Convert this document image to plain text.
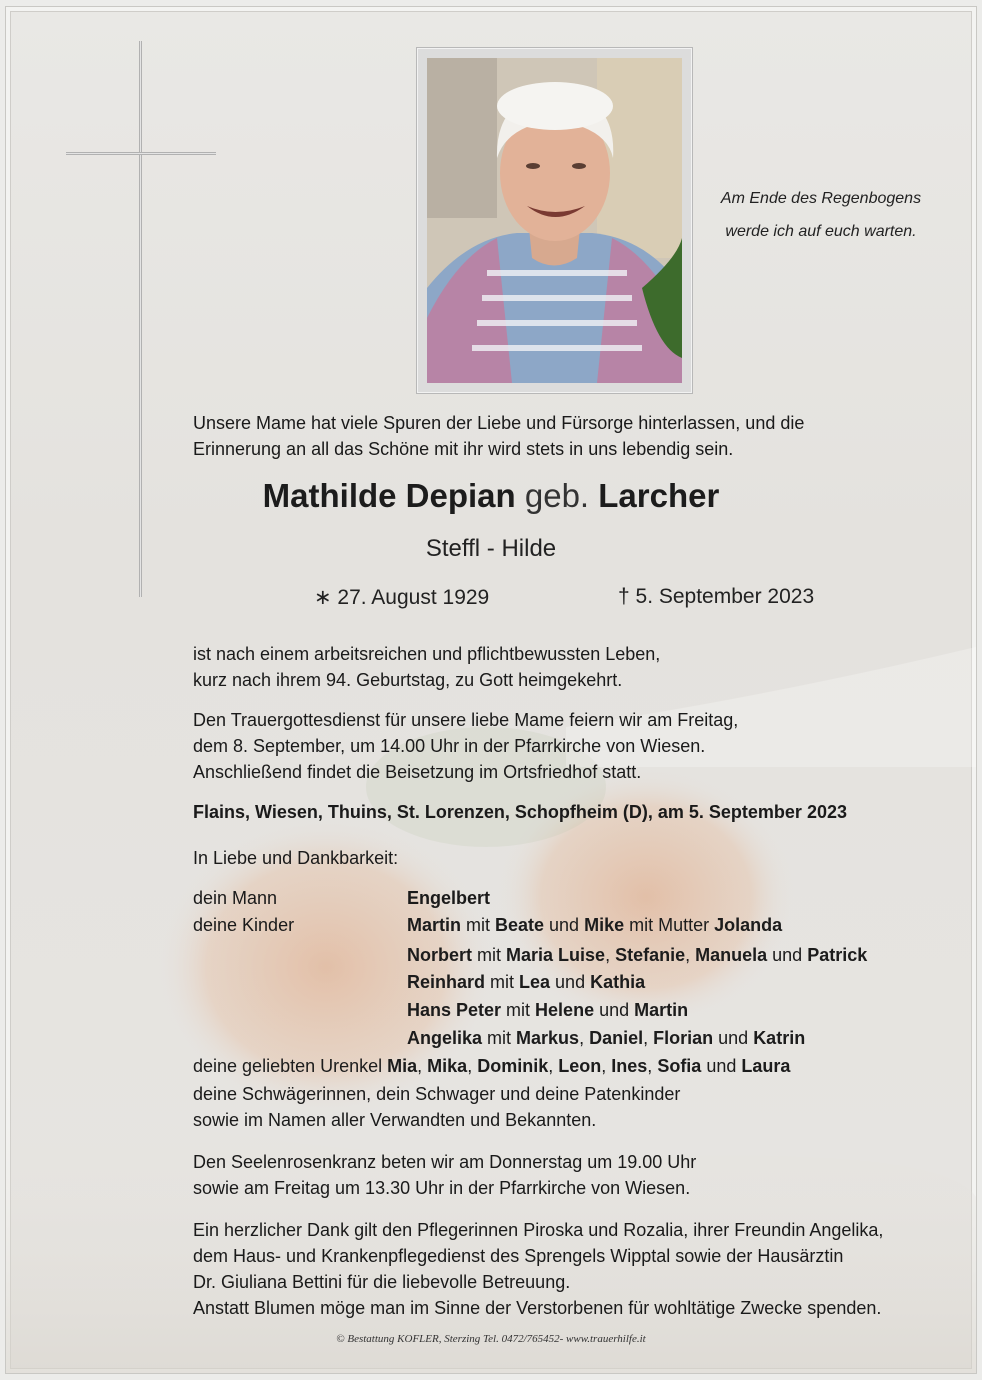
Am Ende des Regenbogens
werde ich auf euch warten.
Unsere Mame hat viele Spuren der Liebe und Fürsorge hinterlassen, und die
Erinnerung an all das Schöne mit ihr wird stets in uns lebendig sein.
Mathilde Depian geb. Larcher
Steffl - Hilde
∗ 27. August 1929	† 5. September 2023
ist nach einem arbeitsreichen und pflichtbewussten Leben,
kurz nach ihrem 94. Geburtstag, zu Gott heimgekehrt.
Den Trauergottesdienst für unsere liebe Mame feiern wir am Freitag,
dem 8. September, um 14.00 Uhr in der Pfarrkirche von Wiesen.
Anschließend findet die Beisetzung im Ortsfriedhof statt.
Flains, Wiesen, Thuins, St. Lorenzen, Schopfheim (D), am 5. September 2023
In Liebe und Dankbarkeit:
dein Mann	Engelbert
deine Kinder	Martin mit Beate und Mike mit Mutter Jolanda
Norbert mit Maria Luise, Stefanie, Manuela und Patrick
Reinhard mit Lea und Kathia
Hans Peter mit Helene und Martin
Angelika mit Markus, Daniel, Florian und Katrin
deine geliebten Urenkel Mia, Mika, Dominik, Leon, Ines, Sofia und Laura
deine Schwägerinnen, dein Schwager und deine Patenkinder
sowie im Namen aller Verwandten und Bekannten.
Den Seelenrosenkranz beten wir am Donnerstag um 19.00 Uhr
sowie am Freitag um 13.30 Uhr in der Pfarrkirche von Wiesen.
Ein herzlicher Dank gilt den Pflegerinnen Piroska und Rozalia, ihrer Freundin Angelika,
dem Haus- und Krankenpflegedienst des Sprengels Wipptal sowie der Hausärztin
Dr. Giuliana Bettini für die liebevolle Betreuung.
Anstatt Blumen möge man im Sinne der Verstorbenen für wohltätige Zwecke spenden.
© Bestattung KOFLER, Sterzing Tel. 0472/765452- www.trauerhilfe.it
